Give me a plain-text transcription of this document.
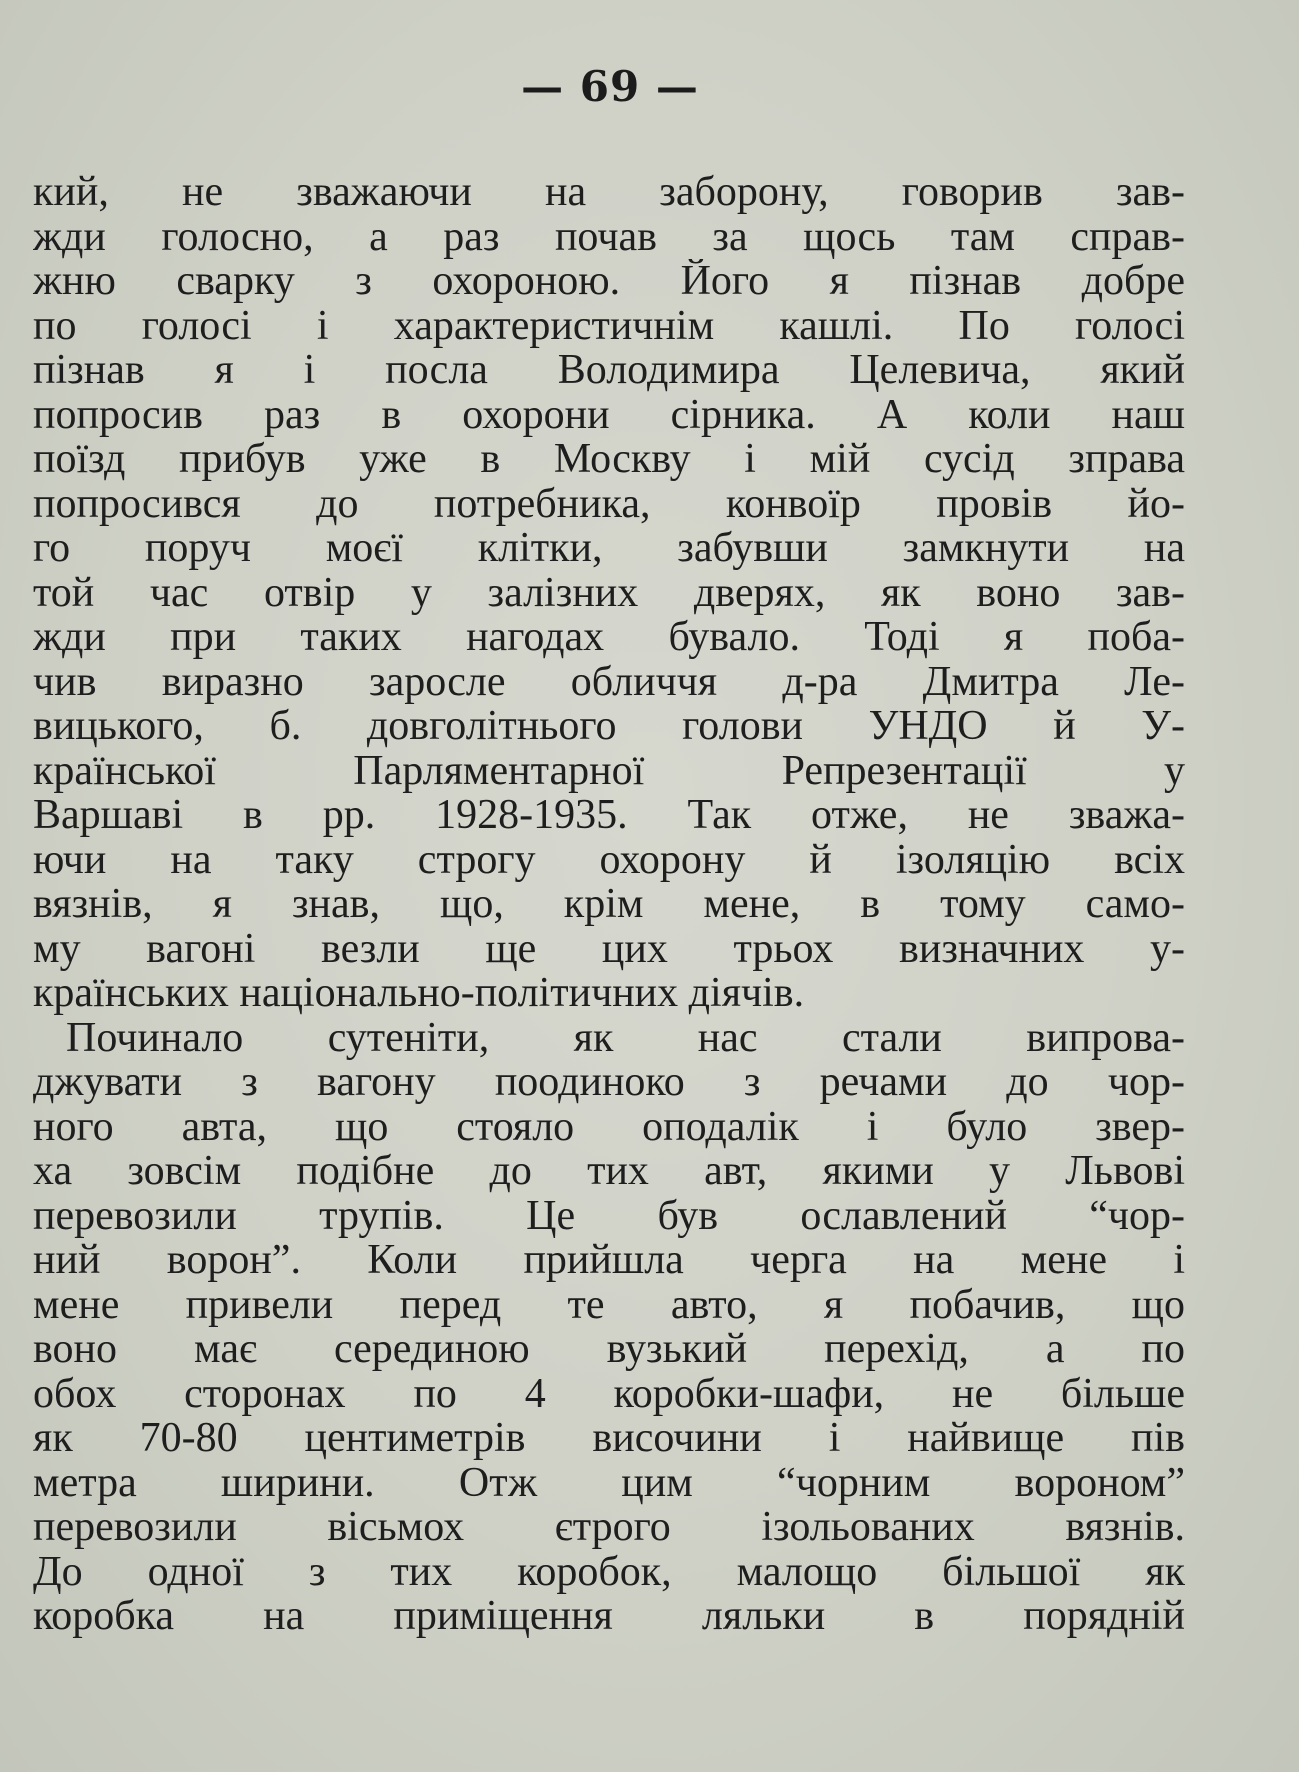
— 69 —
кий, не зважаючи на заборону, говорив зав-
жди голосно, а раз почав за щось там справ-
жню сварку з охороною. Його я пізнав добре
по голосі і характеристичнім кашлі. По голосі
пізнав я і посла Володимира Целевича, який
попросив раз в охорони сірника. А коли наш
поїзд прибув уже в Москву і мій сусід зправа
попросився до потребника, конвоїр провів йо-
го поруч моєї клітки, забувши замкнути на
той час отвір у залізних дверях, як воно зав-
жди при таких нагодах бувало. Тоді я поба-
чив виразно заросле обличчя д-ра Дмитра Ле-
вицького, б. довголітнього голови УНДО й У-
країнської Парляментарної Репрезентації у
Варшаві в рр. 1928-1935. Так отже, не зважа-
ючи на таку строгу охорону й ізоляцію всіх
вязнів, я знав, що, крім мене, в тому само-
му вагоні везли ще цих трьох визначних у-
країнських національно-політичних діячів.
Починало сутеніти, як нас стали випрова-
джувати з вагону поодиноко з речами до чор-
ного авта, що стояло оподалік і було звер-
ха зовсім подібне до тих авт, якими у Львові
перевозили трупів. Це був ославлений “чор-
ний ворон”. Коли прийшла черга на мене і
мене привели перед те авто, я побачив, що
воно має серединою вузький перехід, а по
обох сторонах по 4 коробки-шафи, не більше
як 70-80 центиметрів височини і найвище пів
метра ширини. Отж цим “чорним вороном”
перевозили вісьмох єтрого ізольованих вязнів.
До одної з тих коробок, малощо більшої як
коробка на приміщення ляльки в порядній
